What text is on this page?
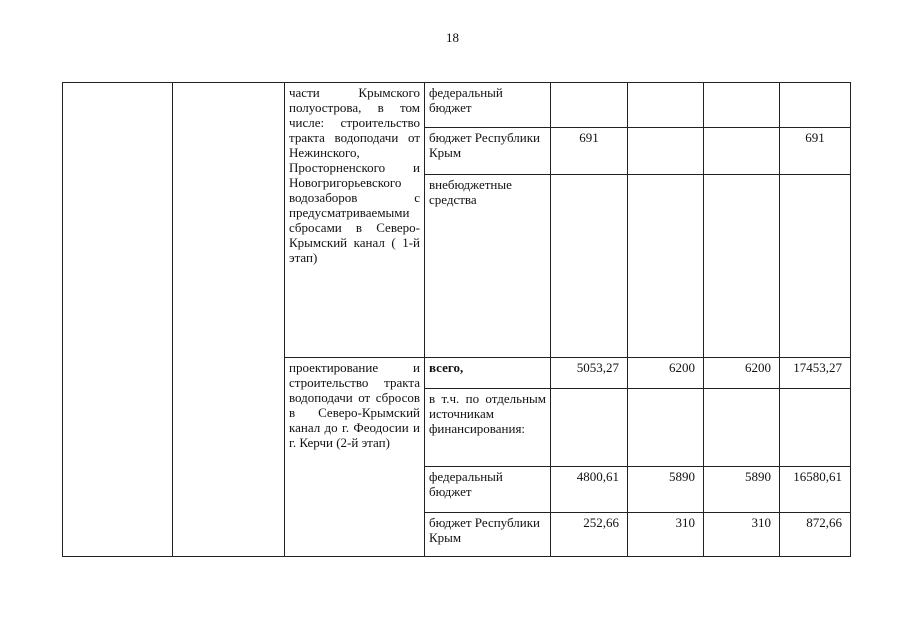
18
		части Крымского полуострова, в том числе: строительство тракта водоподачи от Нежинского, Просторненского и Новогригорьевского водозаборов с предусматриваемыми сбросами в Северо-Крымский канал ( 1-й этап)	федеральный бюджет				
			бюджет Республики Крым	691			691
			внебюджетные средства				
		проектирование и строительство тракта водоподачи от сбросов в Северо-Крымский канал до г. Феодосии и г. Керчи (2-й этап)	всего,	5053,27	6200	6200	17453,27
			в т.ч. по отдельным источникам финансирования:				
			федеральный бюджет	4800,61	5890	5890	16580,61
			бюджет Республики Крым	252,66	310	310	872,66
